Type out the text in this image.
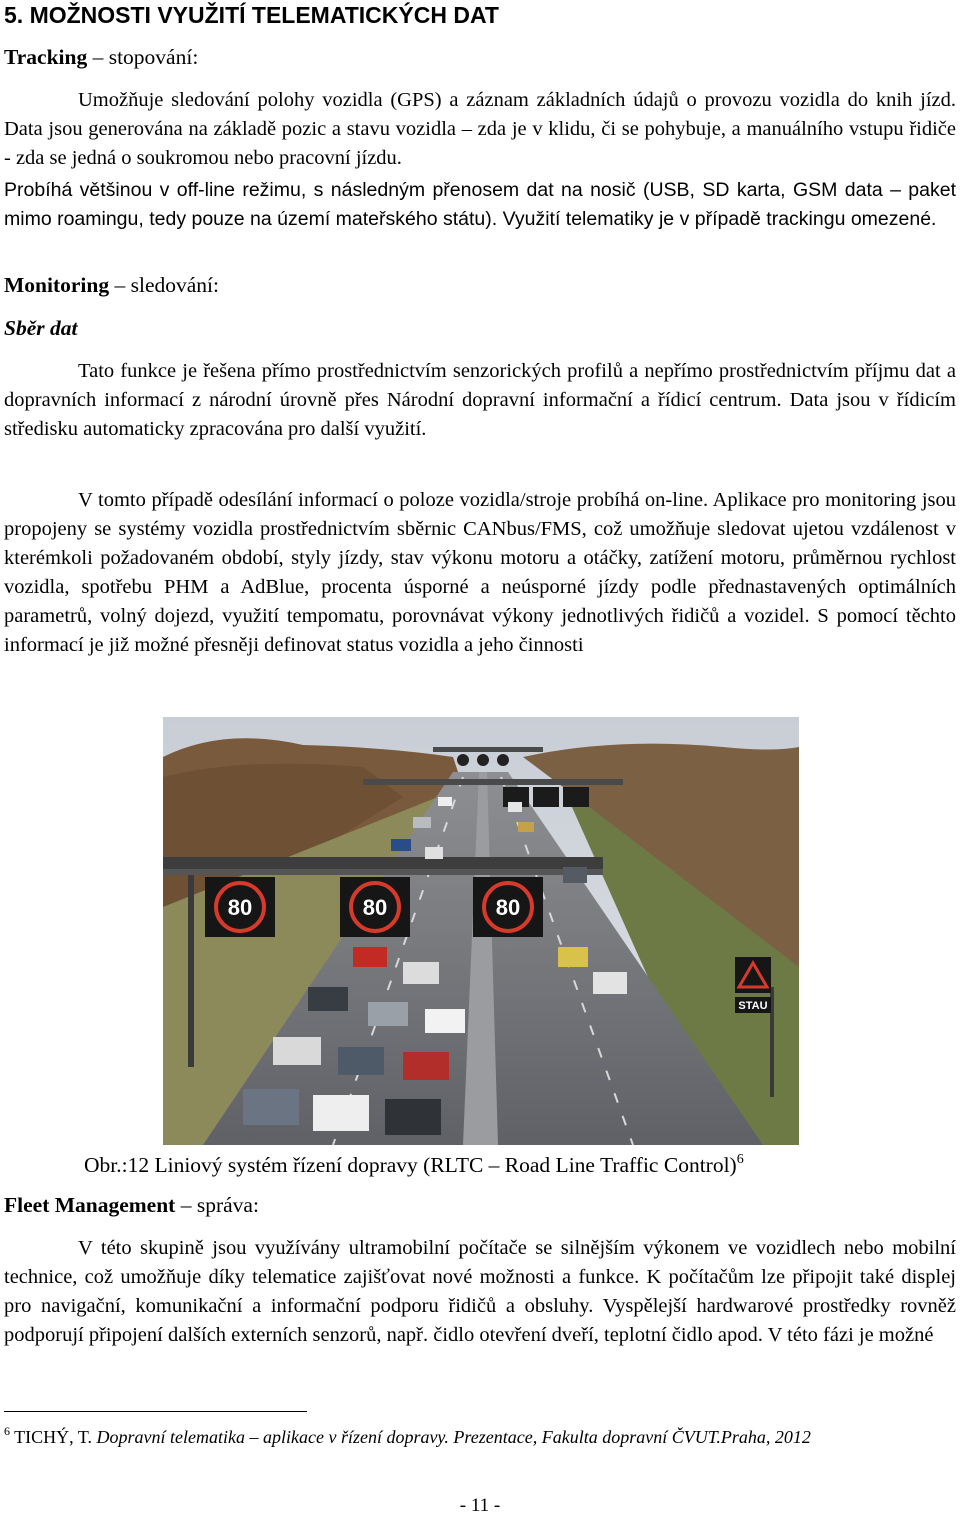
5. MOŽNOSTI VYUŽITÍ TELEMATICKÝCH DAT
Tracking – stopování:

Umožňuje sledování polohy vozidla (GPS) a záznam základních údajů o provozu vozidla do knih jízd. Data jsou generována na základě pozic a stavu vozidla – zda je v klidu, či se pohybuje, a manuálního vstupu řidiče - zda se jedná o soukromou nebo pracovní jízdu.

Probíhá většinou v off-line režimu, s následným přenosem dat na nosič (USB, SD karta, GSM data – paket mimo roamingu, tedy pouze na území mateřského státu). Využití telematiky je v případě trackingu omezené.

Monitoring – sledování:
Sběr dat

Tato funkce je řešena přímo prostřednictvím senzorických profilů a nepřímo prostřednictvím příjmu dat a dopravních informací z národní úrovně přes Národní dopravní informační a řídicí centrum. Data jsou v řídicím středisku automaticky zpracována pro další využití.

V tomto případě odesílání informací o poloze vozidla/stroje probíhá on-line. Aplikace pro monitoring jsou propojeny se systémy vozidla prostřednictvím sběrnic CANbus/FMS, což umožňuje sledovat ujetou vzdálenost v kterémkoli požadovaném období, styly jízdy, stav výkonu motoru a otáčky, zatížení motoru, průměrnou rychlost vozidla, spotřebu PHM a AdBlue, procenta úsporné a neúsporné jízdy podle přednastavených optimálních parametrů, volný dojezd, využití tempomatu, porovnávat výkony jednotlivých řidičů a vozidel. S pomocí těchto informací je již možné přesněji definovat status vozidla a jeho činnosti

80	80	80
STAU
Obr.:12 Liniový systém řízení dopravy (RLTC – Road Line Traffic Control)$^6$
Fleet Management – správa:

V této skupině jsou využívány ultramobilní počítače se silnějším výkonem ve vozidlech nebo mobilní technice, což umožňuje díky telematice zajišťovat nové možnosti a funkce. K počítačům lze připojit také displej pro navigační, komunikační a informační podporu řidičů a obsluhy. Vyspělejší hardwarové prostředky rovněž podporují připojení dalších externích senzorů, např. čidlo otevření dveří, teplotní čidlo apod. V této fázi je možné

$^6$ TICHÝ, T. Dopravní telematika – aplikace v řízení dopravy. Prezentace, Fakulta dopravní ČVUT.Praha, 2012
- 11 -
